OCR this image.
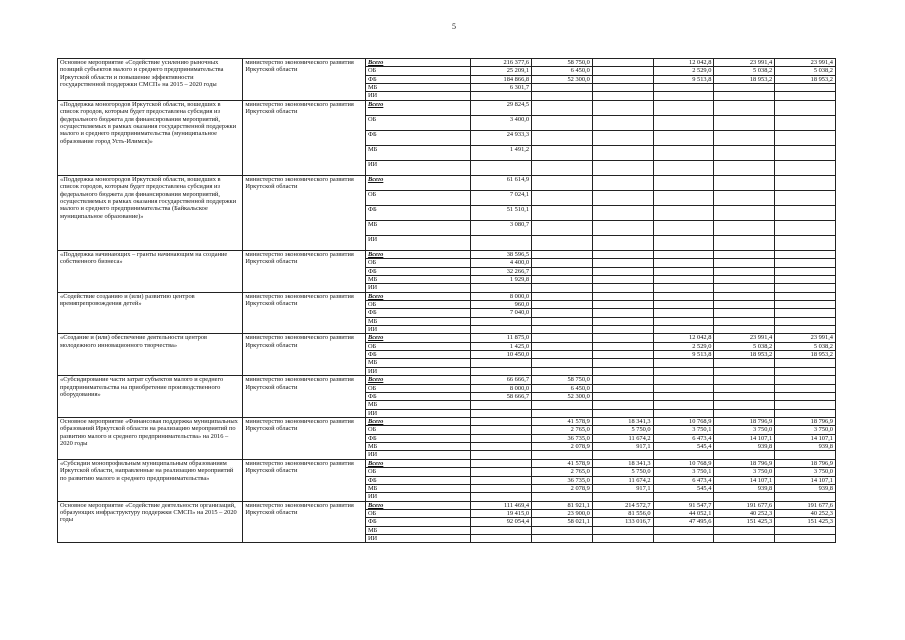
5
Основное мероприятие «Содействие усилению рыночных позиций субъектов малого и среднего предпринимательства Иркутской области и повышение эффективности государственной поддержки СМСП» на 2015 – 2020 годы	министерство экономического развития Иркутской области	Всего	216 377,6	58 750,0		12 042,8	23 991,4	23 991,4
		ОБ	25 209,1	6 450,0		2 529,0	5 038,2	5 038,2
		ФБ	184 866,8	52 300,0		9 513,8	18 953,2	18 953,2
		МБ	6 301,7					
		ИИ						
«Поддержка моногородов Иркутской области, вошедших в список городов, которым будет предоставлена субсидия из федерального бюджета для финансирования мероприятий, осуществляемых в рамках оказания государственной поддержки малого и среднего предпринимательства (муниципальное образование город Усть-Илимск)»	министерство экономического развития Иркутской области	Всего	29 824,5					
		ОБ	3 400,0					
		ФБ	24 933,3					
		МБ	1 491,2					
		ИИ						
«Поддержка моногородов Иркутской области, вошедших в список городов, которым будет предоставлена субсидия из федерального бюджета для финансирования мероприятий, осуществляемых в рамках оказания государственной поддержки малого и среднего предпринимательства (Байкальское муниципальное образование)»	министерство экономического развития Иркутской области	Всего	61 614,9					
		ОБ	7 024,1					
		ФБ	51 510,1					
		МБ	3 080,7					
		ИИ						
«Поддержка начинающих – гранты начинающим на создание собственного бизнеса»	министерство экономического развития Иркутской области	Всего	38 596,5					
		ОБ	4 400,0					
		ФБ	32 266,7					
		МБ	1 929,8					
		ИИ						
«Содействие созданию и (или) развитию центров времяпрепровождения детей»	министерство экономического развития Иркутской области	Всего	8 000,0					
		ОБ	960,0					
		ФБ	7 040,0					
		МБ						
		ИИ						
«Создание и (или) обеспечение деятельности центров молодежного инновационного творчества»	министерство экономического развития Иркутской области	Всего	11 875,0			12 042,8	23 991,4	23 991,4
		ОБ	1 425,0			2 529,0	5 038,2	5 038,2
		ФБ	10 450,0			9 513,8	18 953,2	18 953,2
		МБ						
		ИИ						
«Субсидирование части затрат субъектов малого и среднего предпринимательства на приобретение производственного оборудования»	министерство экономического развития Иркутской области	Всего	66 666,7	58 750,0				
		ОБ	8 000,0	6 450,0				
		ФБ	58 666,7	52 300,0				
		МБ						
		ИИ						
Основное мероприятие «Финансовая поддержка муниципальных образований Иркутской области на реализацию мероприятий по развитию малого и среднего предпринимательства» на 2016 – 2020 годы	министерство экономического развития Иркутской области	Всего		41 578,9	18 341,3	10 768,9	18 796,9	18 796,9
		ОБ		2 765,0	5 750,0	3 750,1	3 750,0	3 750,0
		ФБ		36 735,0	11 674,2	6 473,4	14 107,1	14 107,1
		МБ		2 078,9	917,1	545,4	939,8	939,8
		ИИ						
«Субсидии монопрофильным муниципальным образованиям Иркутской области, направленные на реализацию мероприятий по развитию малого и среднего предпринимательства»	министерство экономического развития Иркутской области	Всего		41 578,9	18 341,3	10 768,9	18 796,9	18 796,9
		ОБ		2 765,0	5 750,0	3 750,1	3 750,0	3 750,0
		ФБ		36 735,0	11 674,2	6 473,4	14 107,1	14 107,1
		МБ		2 078,9	917,1	545,4	939,8	939,8
		ИИ						
Основное мероприятие «Содействие деятельности организаций, образующих инфраструктуру поддержки СМСП» на 2015 – 2020 годы	министерство экономического развития Иркутской области	Всего	111 469,4	81 921,1	214 572,7	91 547,7	191 677,6	191 677,6
		ОБ	19 415,0	23 900,0	81 556,0	44 052,1	40 252,3	40 252,3
		ФБ	92 054,4	58 021,1	133 016,7	47 495,6	151 425,3	151 425,3
		МБ						
		ИИ						
